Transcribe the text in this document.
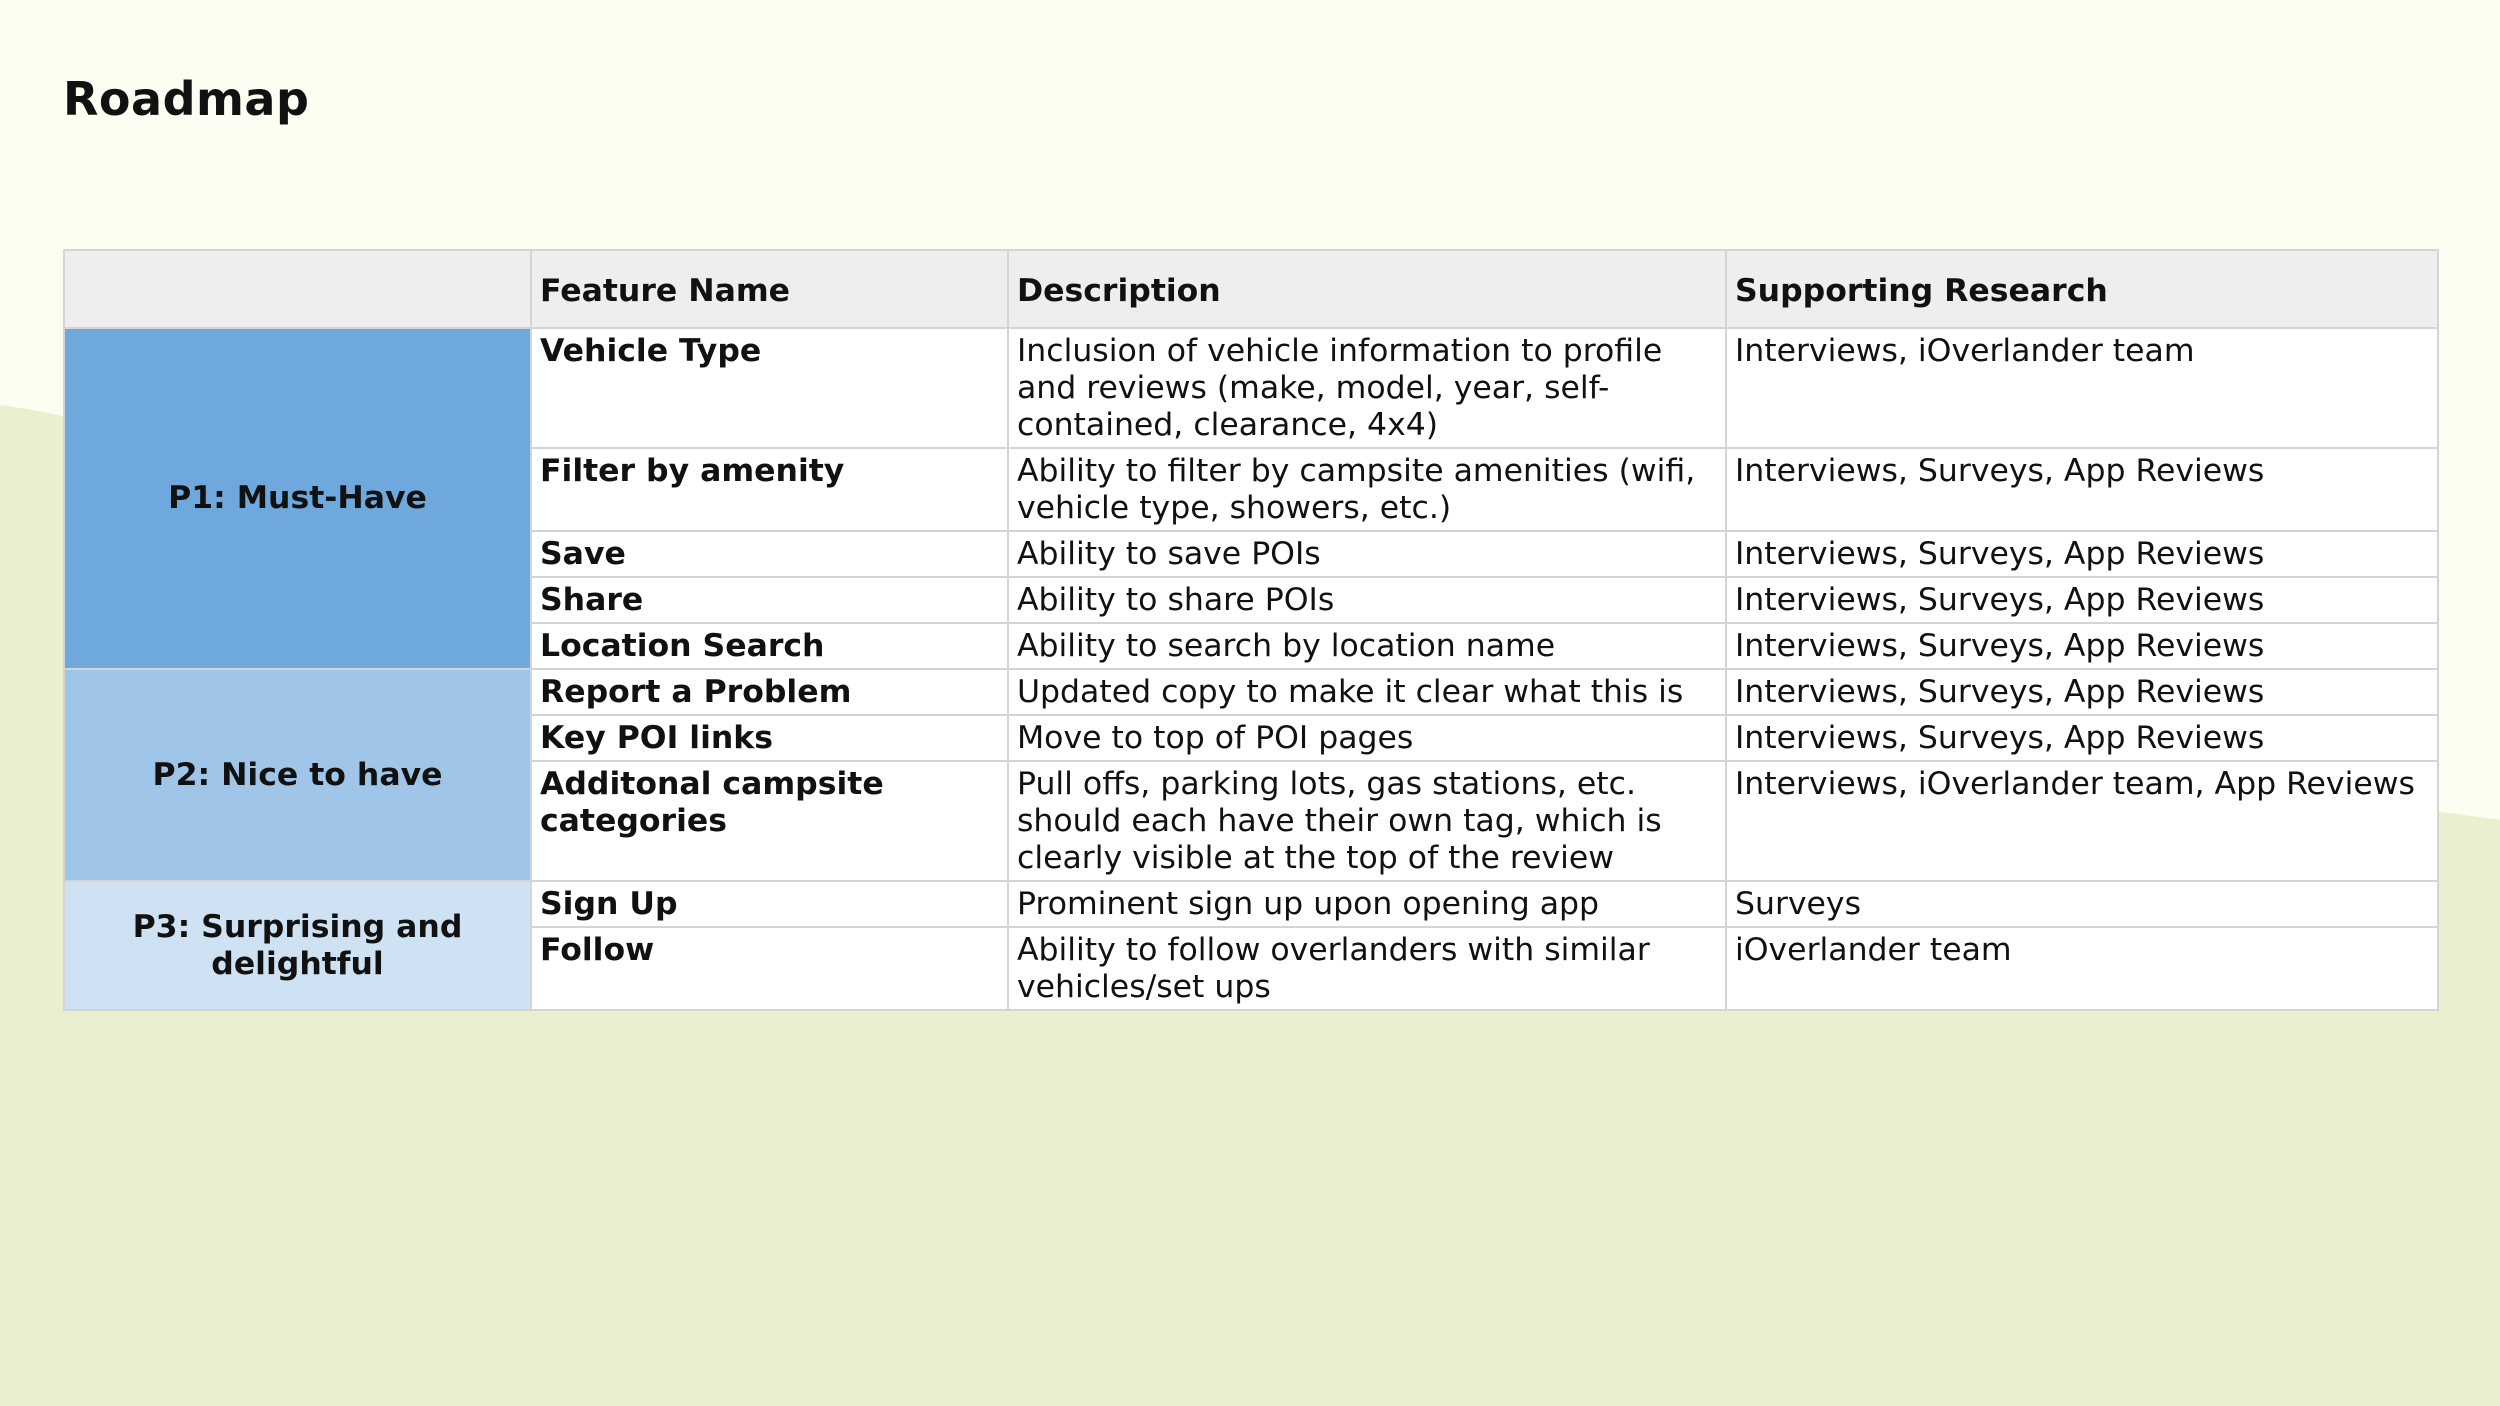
Roadmap
	Feature Name	Description	Supporting Research
P1: Must-Have	Vehicle Type	Inclusion of vehicle information to profile and reviews (make, model, year, self-contained, clearance, 4x4)	Interviews, iOverlander team
	Filter by amenity	Ability to filter by campsite amenities (wifi, vehicle type, showers, etc.)	Interviews, Surveys, App Reviews
	Save	Ability to save POIs	Interviews, Surveys, App Reviews
	Share	Ability to share POIs	Interviews, Surveys, App Reviews
	Location Search	Ability to search by location name	Interviews, Surveys, App Reviews
P2: Nice to have	Report a Problem	Updated copy to make it clear what this is	Interviews, Surveys, App Reviews
	Key POI links	Move to top of POI pages	Interviews, Surveys, App Reviews
	Additonal campsite categories	Pull offs, parking lots, gas stations, etc. should each have their own tag, which is clearly visible at the top of the review	Interviews, iOverlander team, App Reviews
P3: Surprising and delightful	Sign Up	Prominent sign up upon opening app	Surveys
	Follow	Ability to follow overlanders with similar vehicles/set ups	iOverlander team
